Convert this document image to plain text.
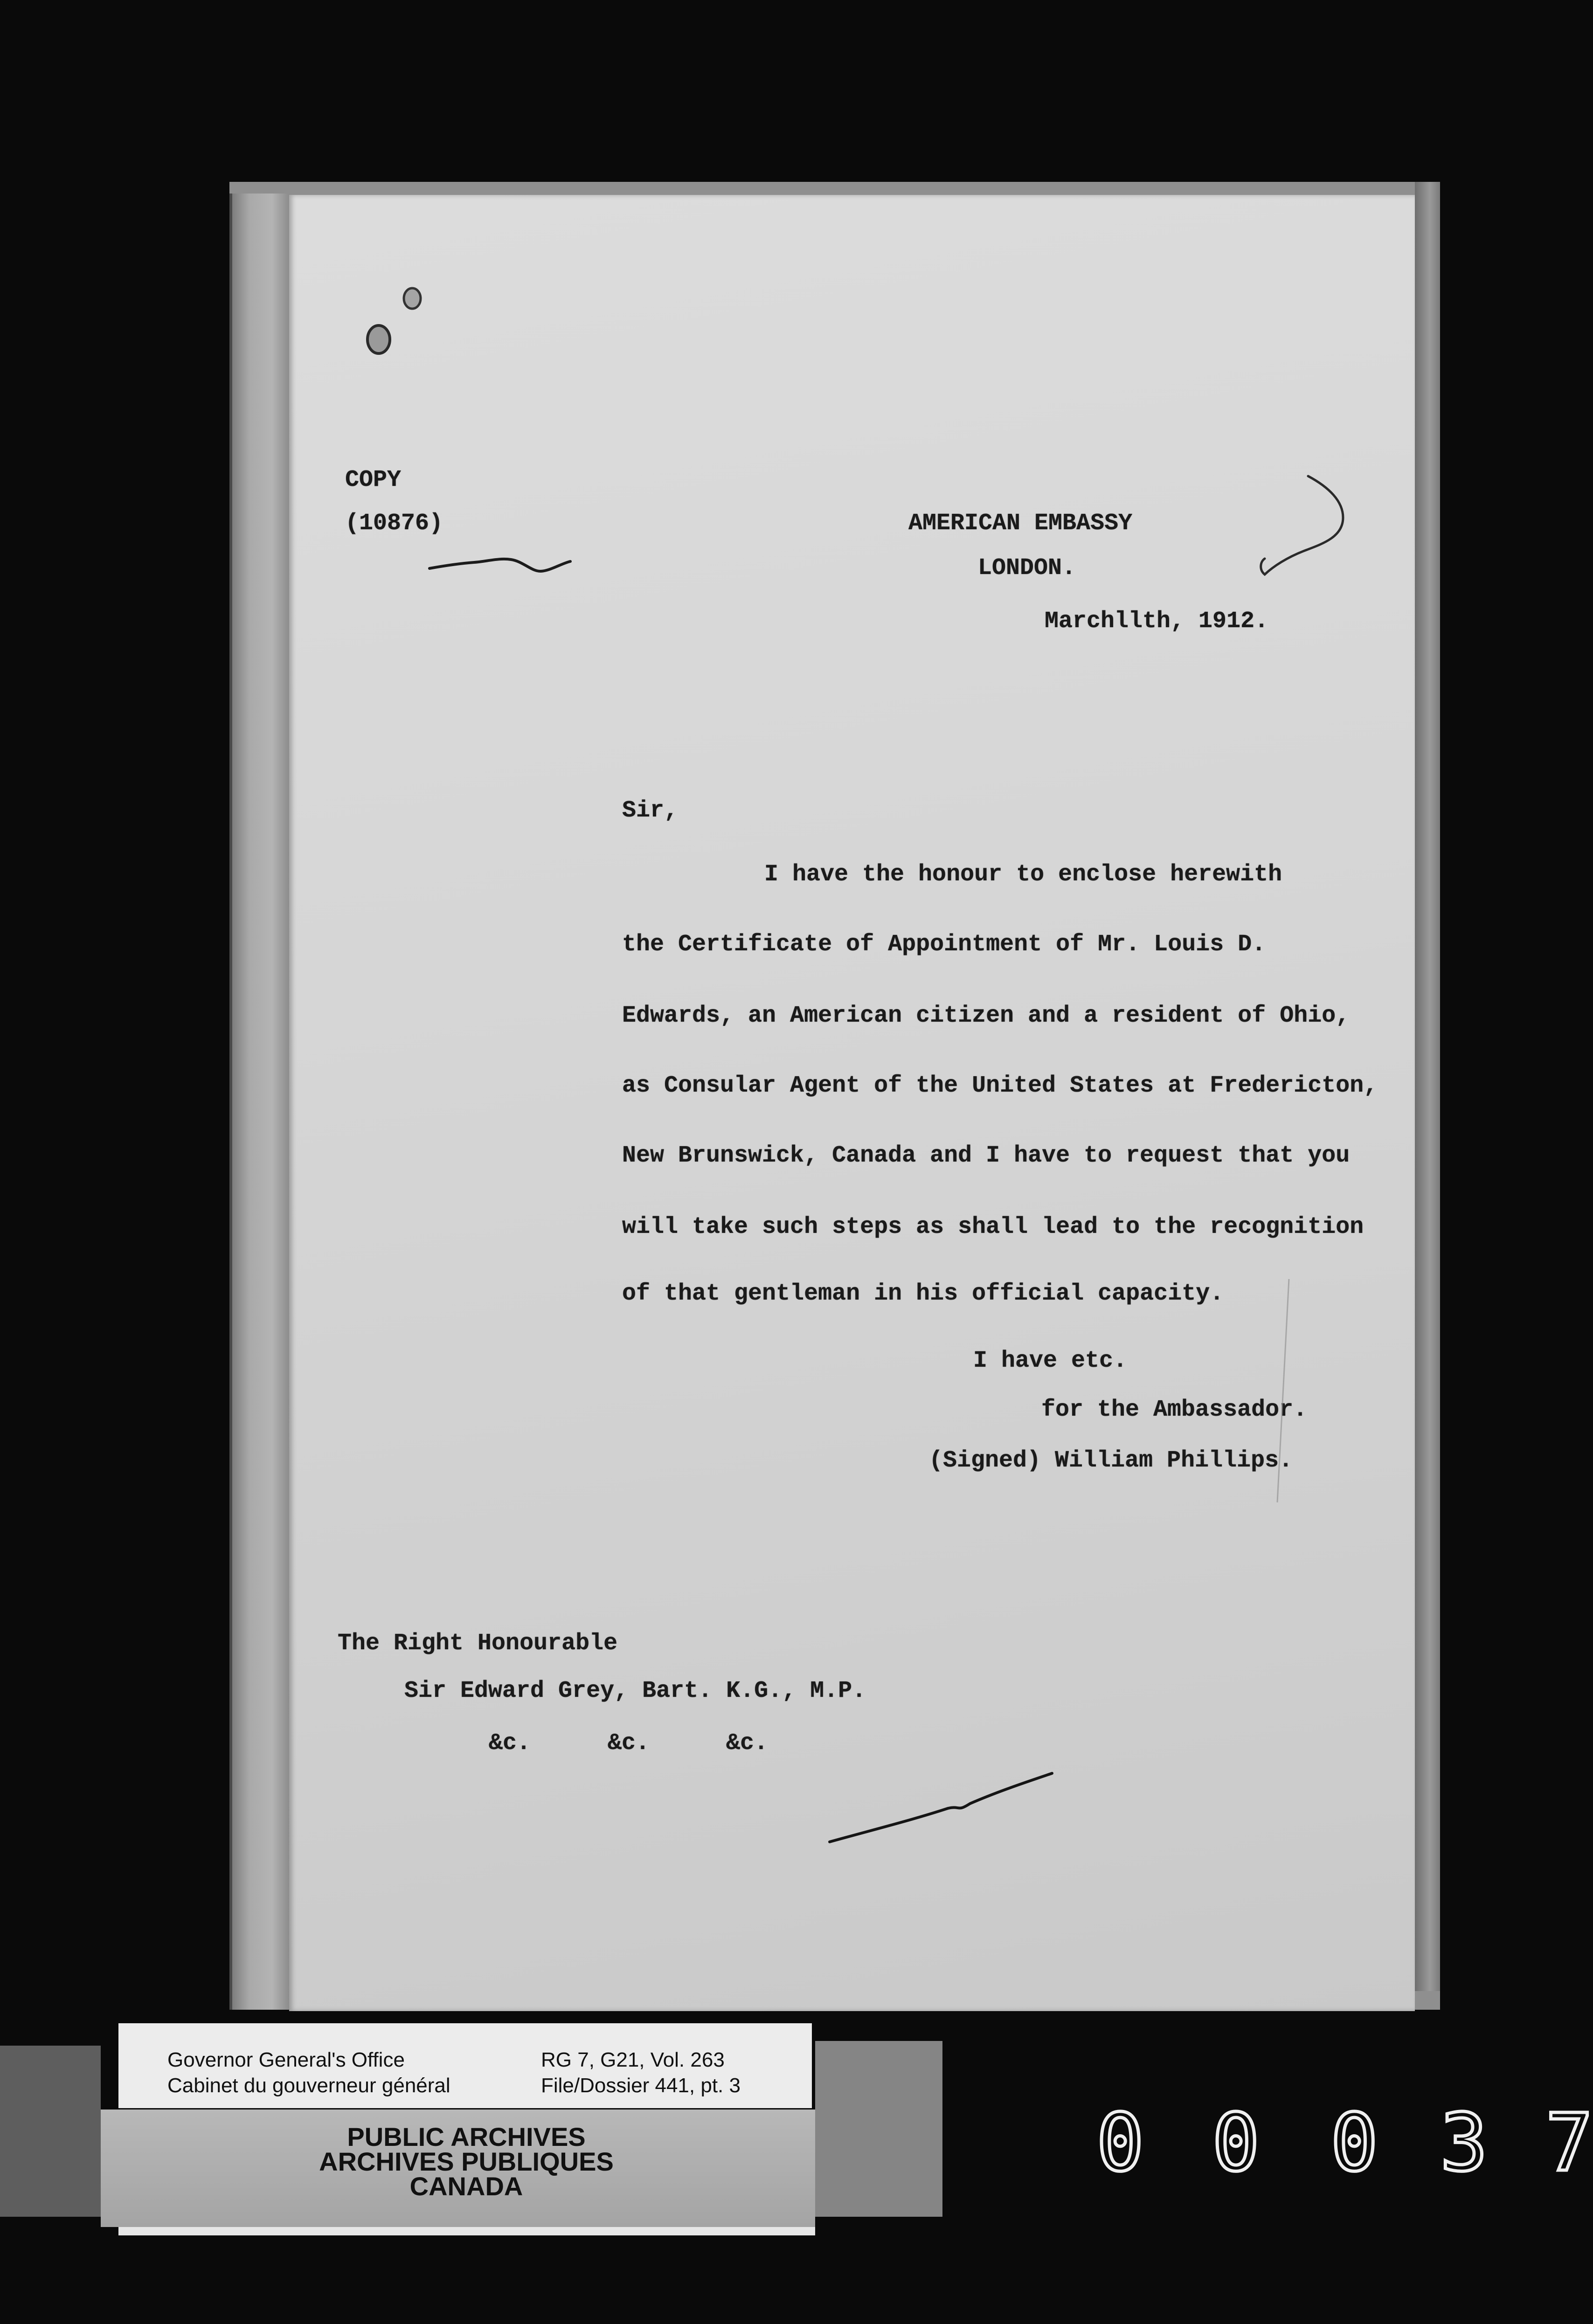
COPY
(10876)	AMERICAN EMBASSY
LONDON.
Marchllth, 1912.
Sir,
I have the honour to enclose herewith
the Certificate of Appointment of Mr. Louis D.
Edwards, an American citizen and a resident of Ohio,
as Consular Agent of the United States at Fredericton,
New Brunswick, Canada and I have to request that you
will take such steps as shall lead to the recognition
of that gentleman in his official capacity.
I have etc.
for the Ambassador.
(Signed) William Phillips.
The Right Honourable
Sir Edward Grey, Bart. K.G., M.P.
&c.	&c.	&c.
Governor General's Office
Cabinet du gouverneur général
RG 7, G21, Vol. 263
File/Dossier 441, pt. 3
PUBLIC ARCHIVES
ARCHIVES PUBLIQUES
CANADA	0 0 0 3 7
